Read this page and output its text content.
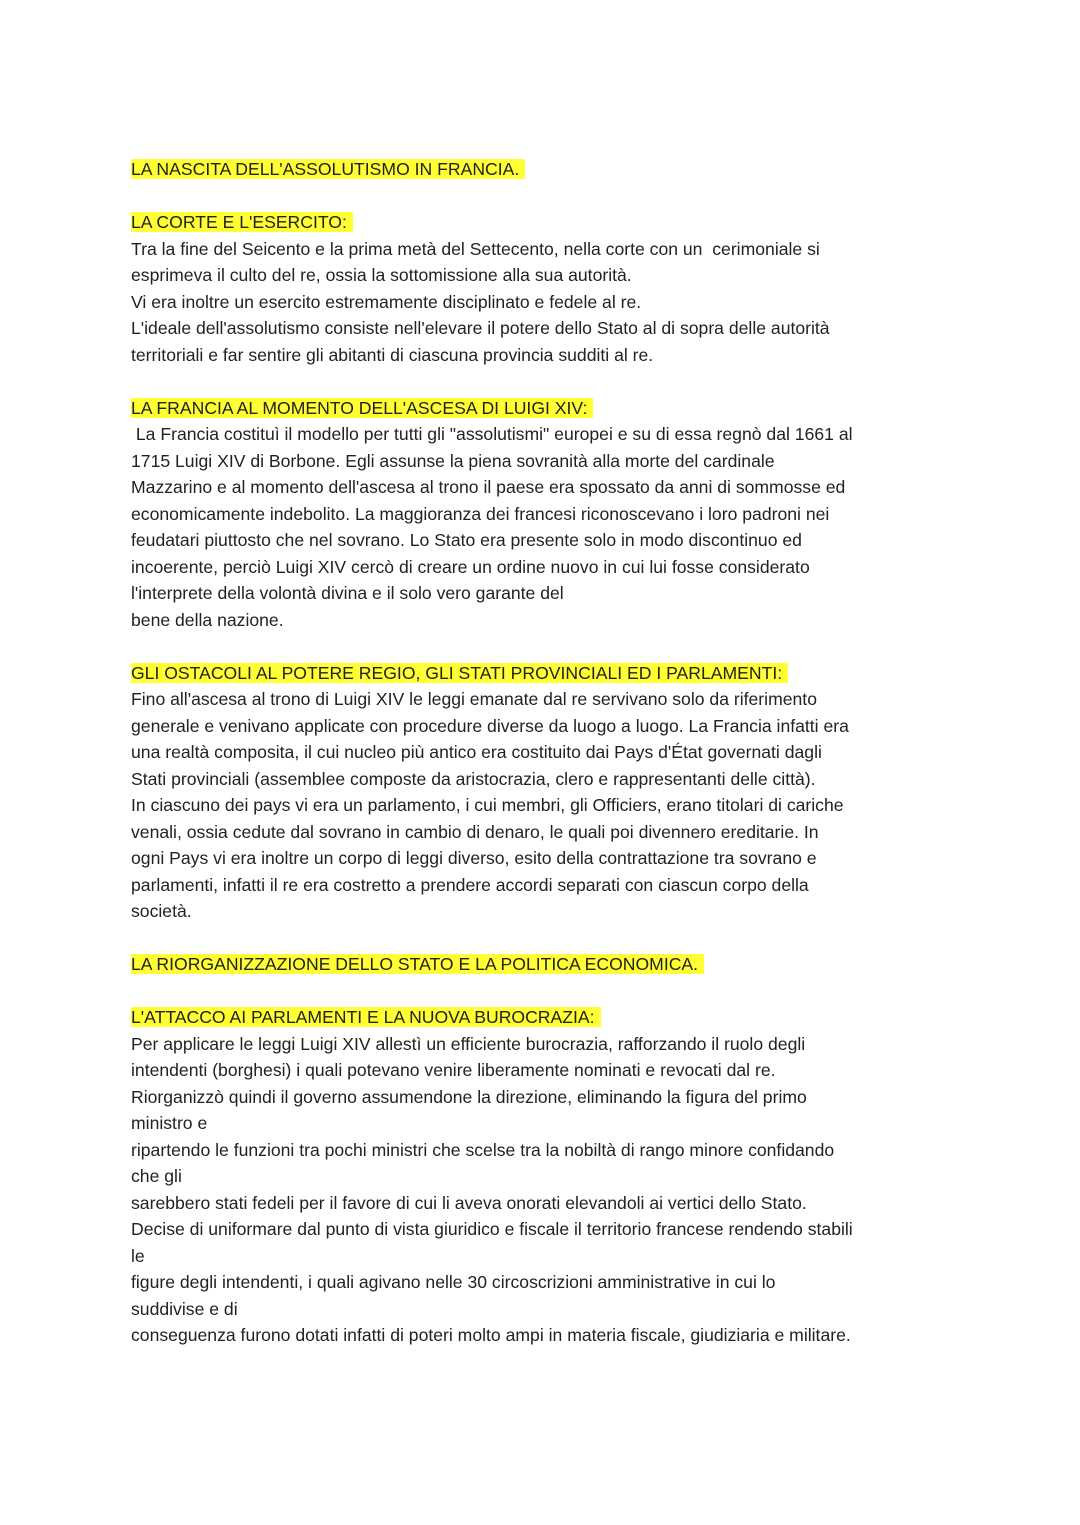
LA NASCITA DELL'ASSOLUTISMO IN FRANCIA.
LA CORTE E L'ESERCITO:
Tra la fine del Seicento e la prima metà del Settecento, nella corte con un  cerimoniale si
esprimeva il culto del re, ossia la sottomissione alla sua autorità.
Vi era inoltre un esercito estremamente disciplinato e fedele al re.
L'ideale dell'assolutismo consiste nell'elevare il potere dello Stato al di sopra delle autorità
territoriali e far sentire gli abitanti di ciascuna provincia sudditi al re.
LA FRANCIA AL MOMENTO DELL'ASCESA DI LUIGI XIV:
La Francia costituì il modello per tutti gli "assolutismi" europei e su di essa regnò dal 1661 al
1715 Luigi XIV di Borbone. Egli assunse la piena sovranità alla morte del cardinale
Mazzarino e al momento dell'ascesa al trono il paese era spossato da anni di sommosse ed
economicamente indebolito. La maggioranza dei francesi riconoscevano i loro padroni nei
feudatari piuttosto che nel sovrano. Lo Stato era presente solo in modo discontinuo ed
incoerente, perciò Luigi XIV cercò di creare un ordine nuovo in cui lui fosse considerato
l'interprete della volontà divina e il solo vero garante del
bene della nazione.
GLI OSTACOLI AL POTERE REGIO, GLI STATI PROVINCIALI ED I PARLAMENTI:
Fino all'ascesa al trono di Luigi XIV le leggi emanate dal re servivano solo da riferimento
generale e venivano applicate con procedure diverse da luogo a luogo. La Francia infatti era
una realtà composita, il cui nucleo più antico era costituito dai Pays d'État governati dagli
Stati provinciali (assemblee composte da aristocrazia, clero e rappresentanti delle città).
In ciascuno dei pays vi era un parlamento, i cui membri, gli Officiers, erano titolari di cariche
venali, ossia cedute dal sovrano in cambio di denaro, le quali poi divennero ereditarie. In
ogni Pays vi era inoltre un corpo di leggi diverso, esito della contrattazione tra sovrano e
parlamenti, infatti il re era costretto a prendere accordi separati con ciascun corpo della
società.
LA RIORGANIZZAZIONE DELLO STATO E LA POLITICA ECONOMICA.
L'ATTACCO AI PARLAMENTI E LA NUOVA BUROCRAZIA:
Per applicare le leggi Luigi XIV allestì un efficiente burocrazia, rafforzando il ruolo degli
intendenti (borghesi) i quali potevano venire liberamente nominati e revocati dal re.
Riorganizzò quindi il governo assumendone la direzione, eliminando la figura del primo
ministro e
ripartendo le funzioni tra pochi ministri che scelse tra la nobiltà di rango minore confidando
che gli
sarebbero stati fedeli per il favore di cui li aveva onorati elevandoli ai vertici dello Stato.
Decise di uniformare dal punto di vista giuridico e fiscale il territorio francese rendendo stabili
le
figure degli intendenti, i quali agivano nelle 30 circoscrizioni amministrative in cui lo
suddivise e di
conseguenza furono dotati infatti di poteri molto ampi in materia fiscale, giudiziaria e militare.
